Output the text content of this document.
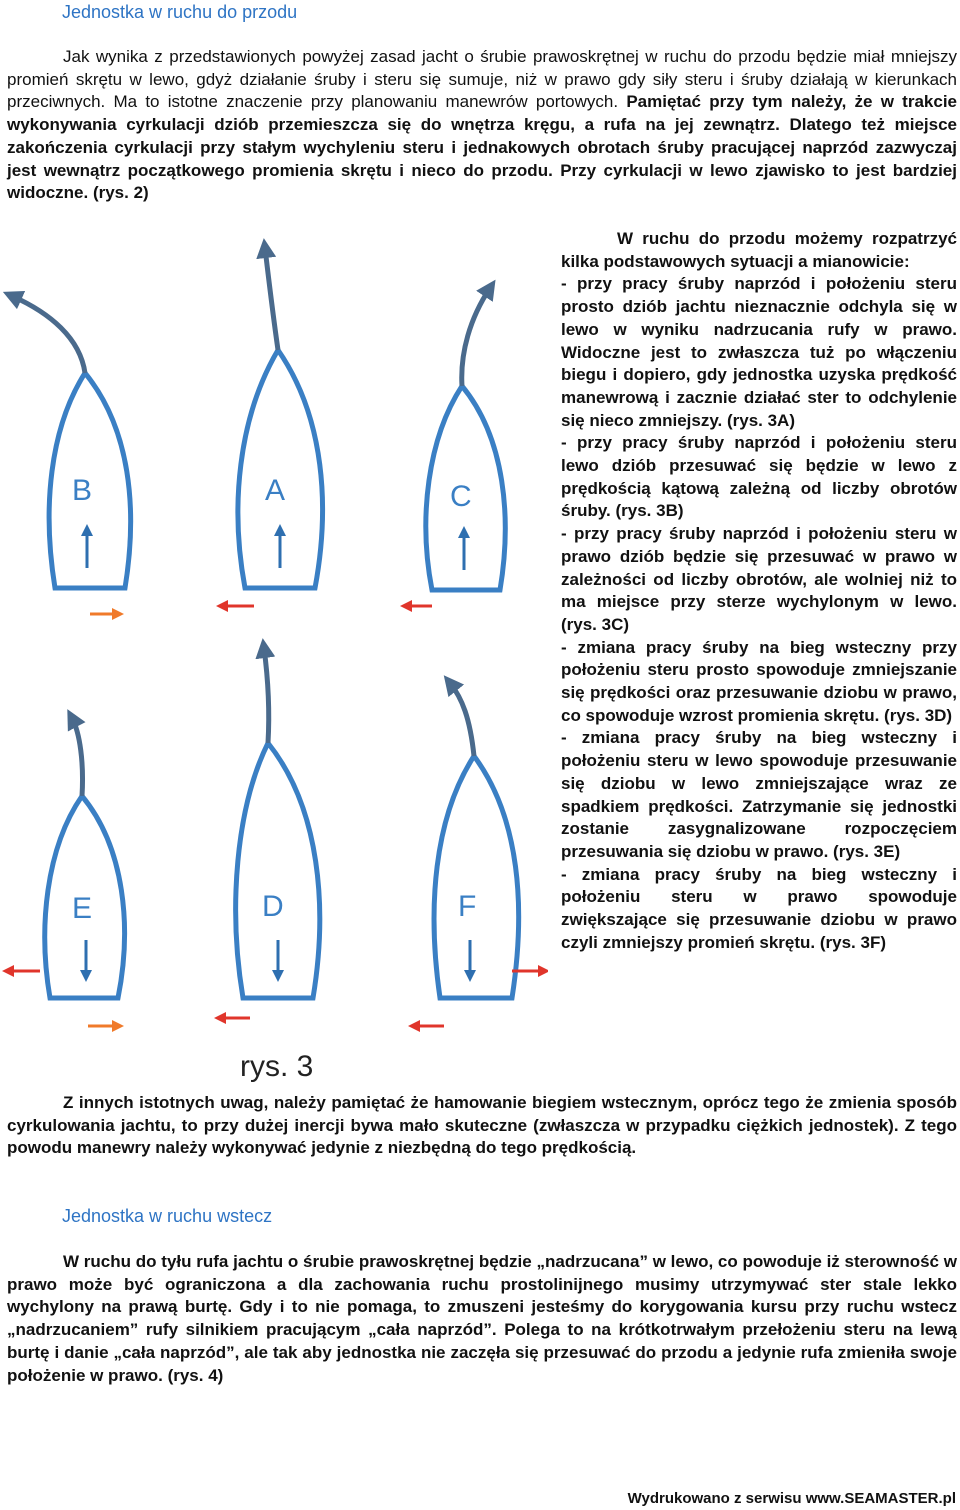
Jednostka w ruchu do przodu

Jak wynika z przedstawionych powyżej zasad jacht o śrubie prawoskrętnej w ruchu do przodu będzie miał mniejszy promień skrętu w lewo, gdyż działanie śruby i steru się sumuje, niż w prawo gdy siły steru i śruby działają w kierunkach przeciwnych. Ma to istotne znaczenie przy planowaniu manewrów portowych. Pamiętać przy tym należy, że w trakcie wykonywania cyrkulacji dziób przemieszcza się do wnętrza kręgu, a rufa na jej zewnątrz. Dlatego też miejsce zakończenia cyrkulacji przy stałym wychyleniu steru i jednakowych obrotach śruby pracującej naprzód zazwyczaj jest wewnątrz początkowego promienia skrętu i nieco do przodu. Przy cyrkulacji w lewo zjawisko to jest bardziej widoczne. (rys. 2)

B	A	C
E	D	F
rys. 3
W ruchu do przodu możemy rozpatrzyć kilka podstawowych sytuacji a mianowicie:
- przy pracy śruby naprzód i położeniu steru prosto dziób jachtu nieznacznie odchyla się w lewo w wyniku nadrzucania rufy w prawo. Widoczne jest to zwłaszcza tuż po włączeniu biegu i dopiero, gdy jednostka uzyska prędkość manewrową i zacznie działać ster to odchylenie się nieco zmniejszy. (rys. 3A)
- przy pracy śruby naprzód i położeniu steru lewo dziób przesuwać się będzie w lewo z prędkością kątową zależną od liczby obrotów śruby. (rys. 3B)
- przy pracy śruby naprzód i położeniu steru w prawo dziób będzie się przesuwać w prawo w zależności od liczby obrotów, ale wolniej niż to ma miejsce przy sterze wychylonym w lewo. (rys. 3C)
- zmiana pracy śruby na bieg wsteczny przy położeniu steru prosto spowoduje zmniejszanie się prędkości oraz przesuwanie dziobu w prawo, co spowoduje wzrost promienia skrętu. (rys. 3D)
- zmiana pracy śruby na bieg wsteczny i położeniu steru w lewo spowoduje przesuwanie się dziobu w lewo zmniejszające wraz ze spadkiem prędkości. Zatrzymanie się jednostki zostanie zasygnalizowane rozpoczęciem przesuwania się dziobu w prawo. (rys. 3E)
- zmiana pracy śruby na bieg wsteczny i położeniu steru w prawo spowoduje zwiększające się przesuwanie dziobu w prawo czyli zmniejszy promień skrętu. (rys. 3F)

Z innych istotnych uwag, należy pamiętać że hamowanie biegiem wstecznym, oprócz tego że zmienia sposób cyrkulowania jachtu, to przy dużej inercji bywa mało skuteczne (zwłaszcza w przypadku ciężkich jednostek). Z tego powodu manewry należy wykonywać jedynie z niezbędną do tego prędkością.

Jednostka w ruchu wstecz

W ruchu do tyłu rufa jachtu o śrubie prawoskrętnej będzie „nadrzucana” w lewo, co powoduje iż sterowność w prawo może być ograniczona a dla zachowania ruchu prostolinijnego musimy utrzymywać ster stale lekko wychylony na prawą burtę. Gdy i to nie pomaga, to zmuszeni jesteśmy do korygowania kursu przy ruchu wstecz „nadrzucaniem” rufy silnikiem pracującym „cała naprzód”. Polega to na krótkotrwałym przełożeniu steru na lewą burtę i danie „cała naprzód”, ale tak aby jednostka nie zaczęła się przesuwać do przodu a jedynie rufa zmieniła swoje położenie w prawo. (rys. 4)

Wydrukowano z serwisu www.SEAMASTER.pl
